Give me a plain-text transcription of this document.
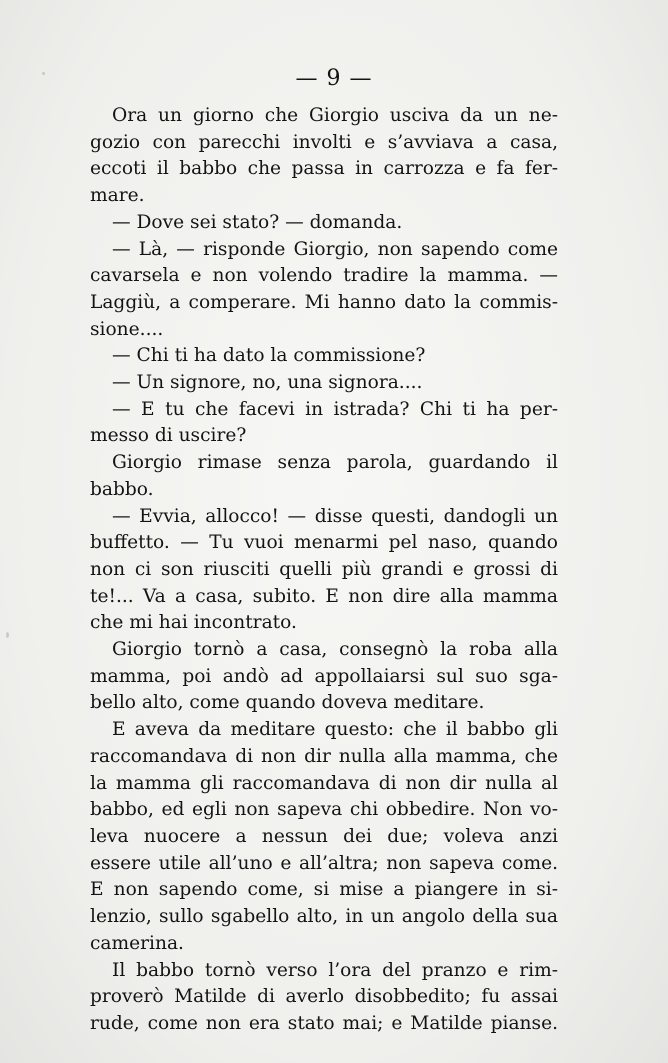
— 9 —
Ora un giorno che Giorgio usciva da un ne-
gozio con parecchi involti e s’avviava a casa,
eccoti il babbo che passa in carrozza e fa fer-
mare.
— Dove sei stato? — domanda.
— Là, — risponde Giorgio, non sapendo come
cavarsela e non volendo tradire la mamma. —
Laggiù, a comperare. Mi hanno dato la commis-
sione....
— Chi ti ha dato la commissione?
— Un signore, no, una signora....
— E tu che facevi in istrada? Chi ti ha per-
messo di uscire?
Giorgio rimase senza parola, guardando il
babbo.
— Evvia, allocco! — disse questi, dandogli un
buffetto. — Tu vuoi menarmi pel naso, quando
non ci son riusciti quelli più grandi e grossi di
te!... Va a casa, subito. E non dire alla mamma
che mi hai incontrato.
Giorgio tornò a casa, consegnò la roba alla
mamma, poi andò ad appollaiarsi sul suo sga-
bello alto, come quando doveva meditare.
E aveva da meditare questo: che il babbo gli
raccomandava di non dir nulla alla mamma, che
la mamma gli raccomandava di non dir nulla al
babbo, ed egli non sapeva chi obbedire. Non vo-
leva nuocere a nessun dei due; voleva anzi
essere utile all’uno e all’altra; non sapeva come.
E non sapendo come, si mise a piangere in si-
lenzio, sullo sgabello alto, in un angolo della sua
camerina.
Il babbo tornò verso l’ora del pranzo e rim-
proverò Matilde di averlo disobbedito; fu assai
rude, come non era stato mai; e Matilde pianse.
